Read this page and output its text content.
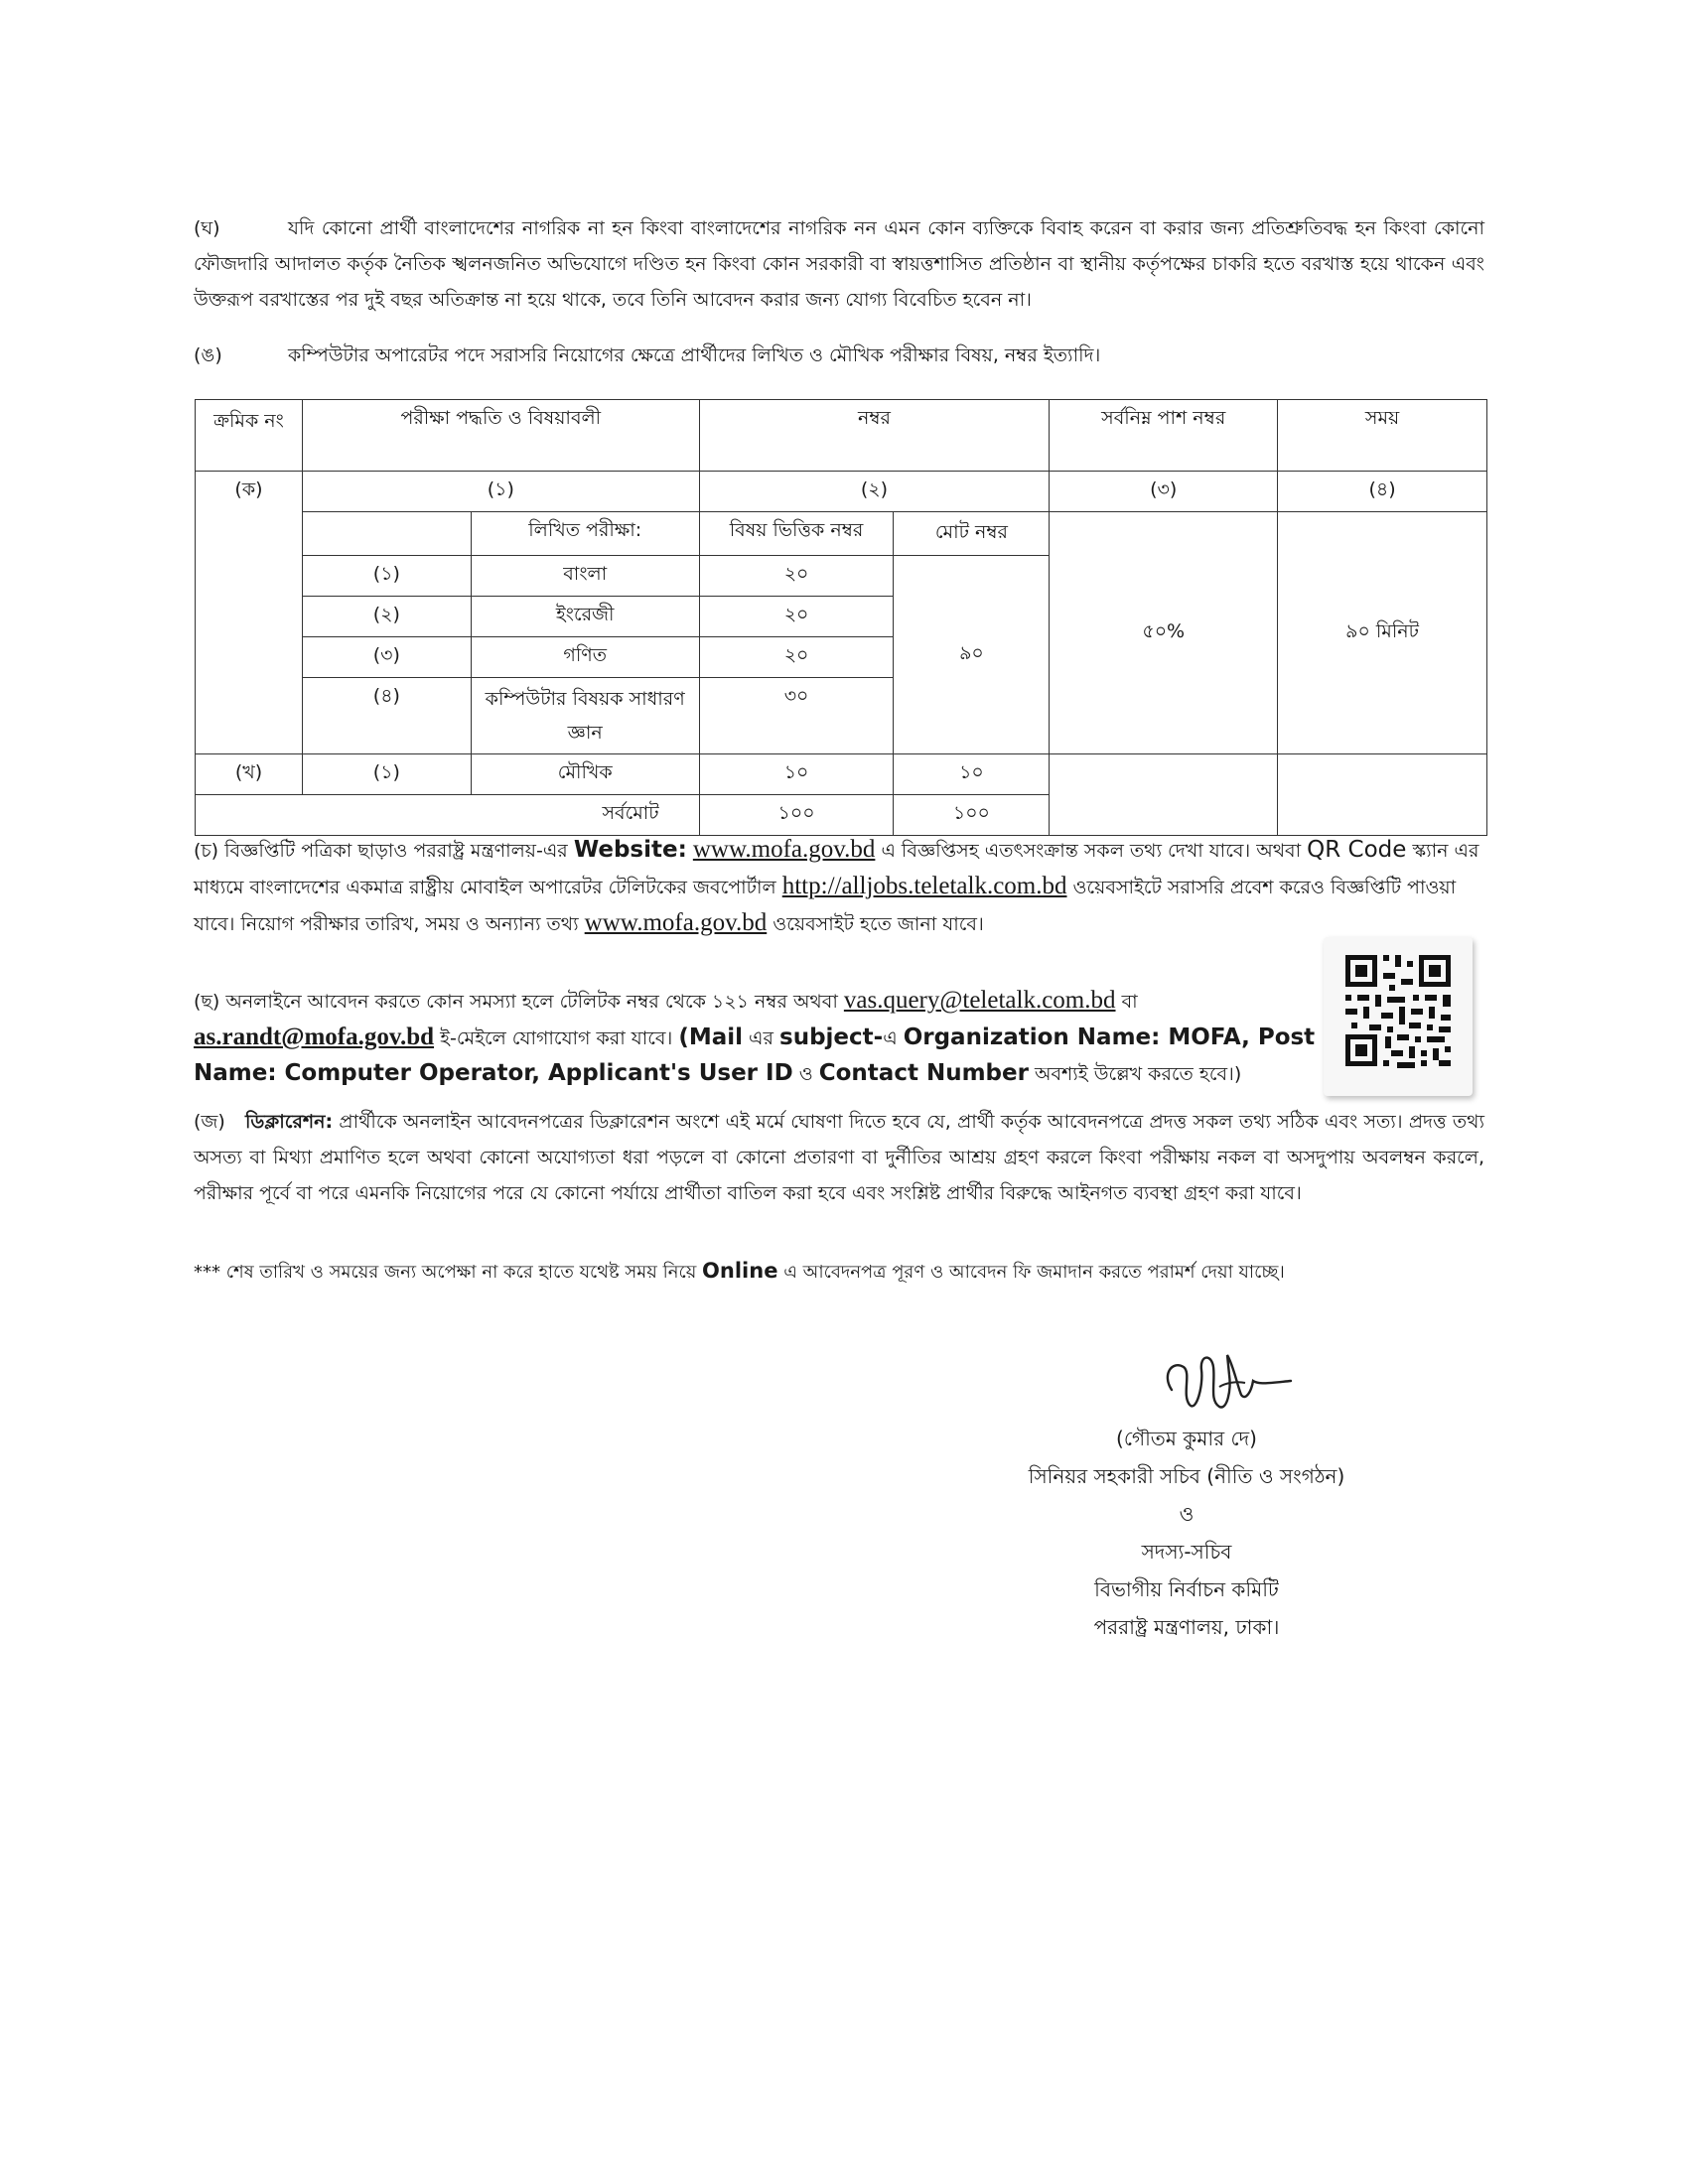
(ঘ)	যদি কোনো প্রার্থী বাংলাদেশের নাগরিক না হন কিংবা বাংলাদেশের নাগরিক নন এমন কোন ব্যক্তিকে বিবাহ করেন বা করার জন্য প্রতিশ্রুতিবদ্ধ হন কিংবা কোনো ফৌজদারি আদালত কর্তৃক নৈতিক স্খলনজনিত অভিযোগে দণ্ডিত হন কিংবা কোন সরকারী বা স্বায়ত্তশাসিত প্রতিষ্ঠান বা স্থানীয় কর্তৃপক্ষের চাকরি হতে বরখাস্ত হয়ে থাকেন এবং উক্তরূপ বরখাস্তের পর দুই বছর অতিক্রান্ত না হয়ে থাকে, তবে তিনি আবেদন করার জন্য যোগ্য বিবেচিত হবেন না।
(ঙ)	কম্পিউটার অপারেটর পদে সরাসরি নিয়োগের ক্ষেত্রে প্রার্থীদের লিখিত ও মৌখিক পরীক্ষার বিষয়, নম্বর ইত্যাদি।
ক্রমিক নং	পরীক্ষা পদ্ধতি ও বিষয়াবলী		নম্বর		সর্বনিম্ন পাশ নম্বর	সময়
(ক)	(১)		(২)		(৩)	(৪)
		লিখিত পরীক্ষা:	বিষয় ভিত্তিক নম্বর	মোট নম্বর	৫০%	৯০ মিনিট
	(১)	বাংলা	২০	৯০		
	(২)	ইংরেজী	২০			
	(৩)	গণিত	২০			
	(৪)	কম্পিউটার বিষয়ক সাধারণ জ্ঞান	৩০			
(খ)	(১)	মৌখিক	১০	১০		
	সর্বমোট		১০০	১০০		
(চ) বিজ্ঞপ্তিটি পত্রিকা ছাড়াও পররাষ্ট্র মন্ত্রণালয়-এর Website: www.mofa.gov.bd এ বিজ্ঞপ্তিসহ এতৎসংক্রান্ত সকল তথ্য দেখা যাবে। অথবা QR Code স্ক্যান এর মাধ্যমে বাংলাদেশের একমাত্র রাষ্ট্রীয় মোবাইল অপারেটর টেলিটকের জবপোর্টাল http://alljobs.teletalk.com.bd ওয়েবসাইটে সরাসরি প্রবেশ করেও বিজ্ঞপ্তিটি পাওয়া যাবে। নিয়োগ পরীক্ষার তারিখ, সময় ও অন্যান্য তথ্য www.mofa.gov.bd ওয়েবসাইট হতে জানা যাবে।
(ছ) অনলাইনে আবেদন করতে কোন সমস্যা হলে টেলিটক নম্বর থেকে ১২১ নম্বর অথবা vas.query@teletalk.com.bd বা as.randt@mofa.gov.bd ই-মেইলে যোগাযোগ করা যাবে। (Mail এর subject-এ Organization Name: MOFA, Post Name: Computer Operator, Applicant's User ID ও Contact Number অবশ্যই উল্লেখ করতে হবে।)
(জ) ডিক্লারেশন: প্রার্থীকে অনলাইন আবেদনপত্রের ডিক্লারেশন অংশে এই মর্মে ঘোষণা দিতে হবে যে, প্রার্থী কর্তৃক আবেদনপত্রে প্রদত্ত সকল তথ্য সঠিক এবং সত্য। প্রদত্ত তথ্য অসত্য বা মিথ্যা প্রমাণিত হলে অথবা কোনো অযোগ্যতা ধরা পড়লে বা কোনো প্রতারণা বা দুর্নীতির আশ্রয় গ্রহণ করলে কিংবা পরীক্ষায় নকল বা অসদুপায় অবলম্বন করলে, পরীক্ষার পূর্বে বা পরে এমনকি নিয়োগের পরে যে কোনো পর্যায়ে প্রার্থীতা বাতিল করা হবে এবং সংশ্লিষ্ট প্রার্থীর বিরুদ্ধে আইনগত ব্যবস্থা গ্রহণ করা যাবে।
*** শেষ তারিখ ও সময়ের জন্য অপেক্ষা না করে হাতে যথেষ্ট সময় নিয়ে Online এ আবেদনপত্র পূরণ ও আবেদন ফি জমাদান করতে পরামর্শ দেয়া যাচ্ছে।
(গৌতম কুমার দে)
সিনিয়র সহকারী সচিব (নীতি ও সংগঠন)
ও
সদস্য-সচিব
বিভাগীয় নির্বাচন কমিটি
পররাষ্ট্র মন্ত্রণালয়, ঢাকা।
